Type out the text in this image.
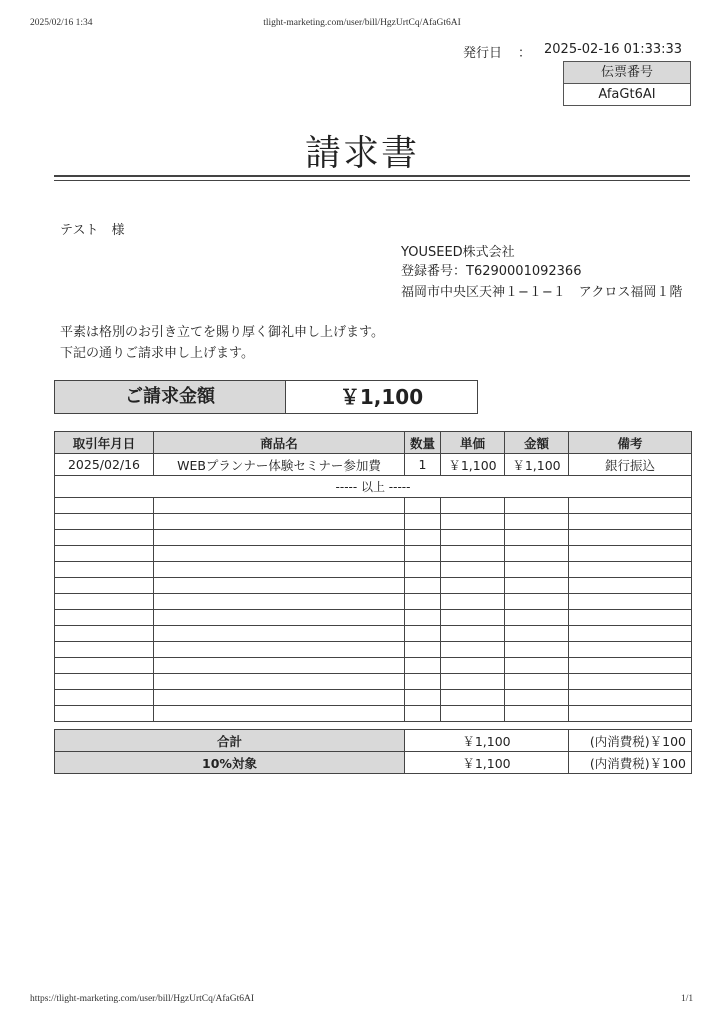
2025/02/16 1:34	tlight-marketing.com/user/bill/HgzUrtCq/AfaGt6AI
発行日 ： 2025-02-16 01:33:33
伝票番号
AfaGt6AI
請求書
テスト　様
YOUSEED株式会社
登録番号：T6290001092366
福岡市中央区天神１−１−１　アクロス福岡１階
平素は格別のお引き立てを賜り厚く御礼申し上げます。
下記の通りご請求申し上げます。
ご請求金額	￥1,100
取引年月日	商品名	数量	単価	金額	備考
2025/02/16	WEBプランナー体験セミナー参加費	1	￥1,100	￥1,100	銀行振込
----- 以上 -----					

合計	￥1,100	(内消費税)￥100
10%対象	￥1,100	(内消費税)￥100
https://tlight-marketing.com/user/bill/HgzUrtCq/AfaGt6AI	1/1
